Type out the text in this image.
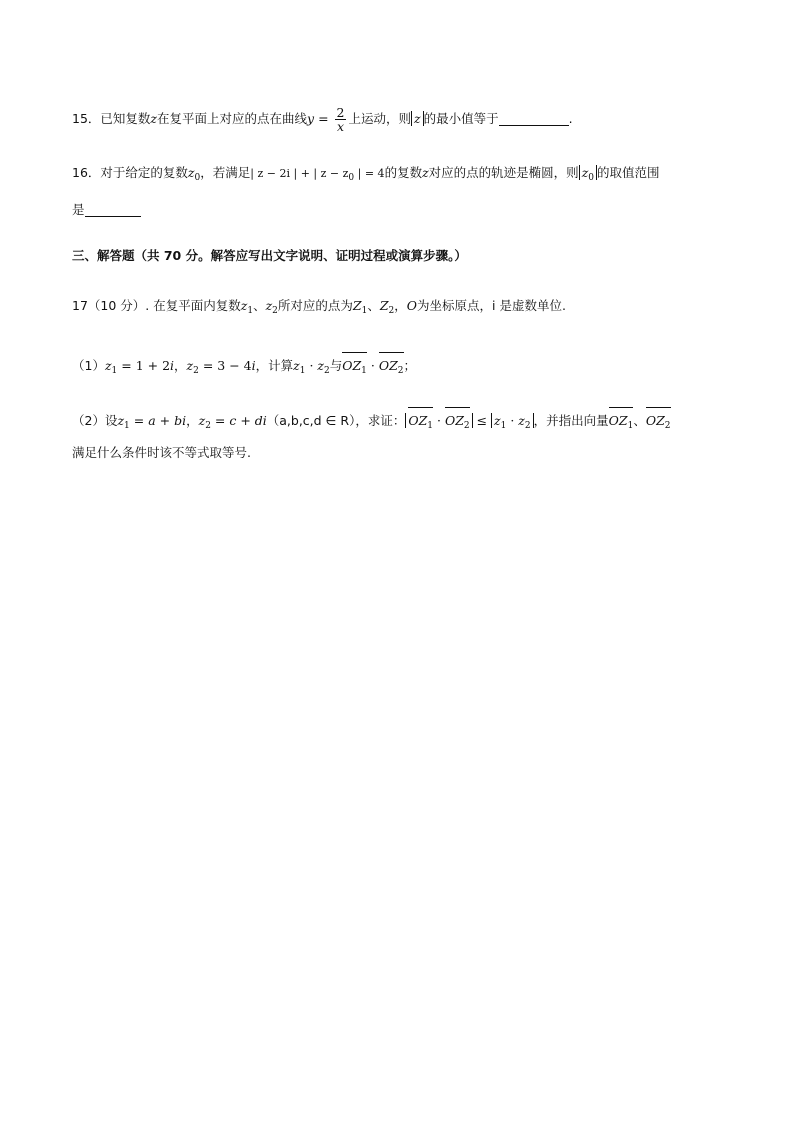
15．已知复数z在复平面上对应的点在曲线$y = \frac{2}{x}$ 上运动，则 z 的最小值等于	.
16．对于给定的复数$z_0$，若满足| z − 2i | + | $z - z_0$ | = 4的复数z对应的点的轨迹是椭圆，则 $z_0$ 的取值范围
是
三、解答题（共 70 分。解答应写出文字说明、证明过程或演算步骤。）
17（10 分）. 在复平面内复数$z_1$、$z_2$所对应的点为$Z_1$、$Z_2$，O为坐标原点，i 是虚数单位.
$(1)z_1 = 1 + 2i$，$z_2 = 3 - 4i$，计算$z_1 \cdot z_2$与$OZ_1 \cdot OZ_2$；
（2）设$z_1 = a$ + bi，$z_2 = c + di(a,b,c,d$ ∈ R），求证： $OZ_1 \cdot OZ_2 \le z_1 \cdot z_2$ ，并指出向量$OZ_1$、$OZ_2$
满足什么条件时该不等式取等号.
